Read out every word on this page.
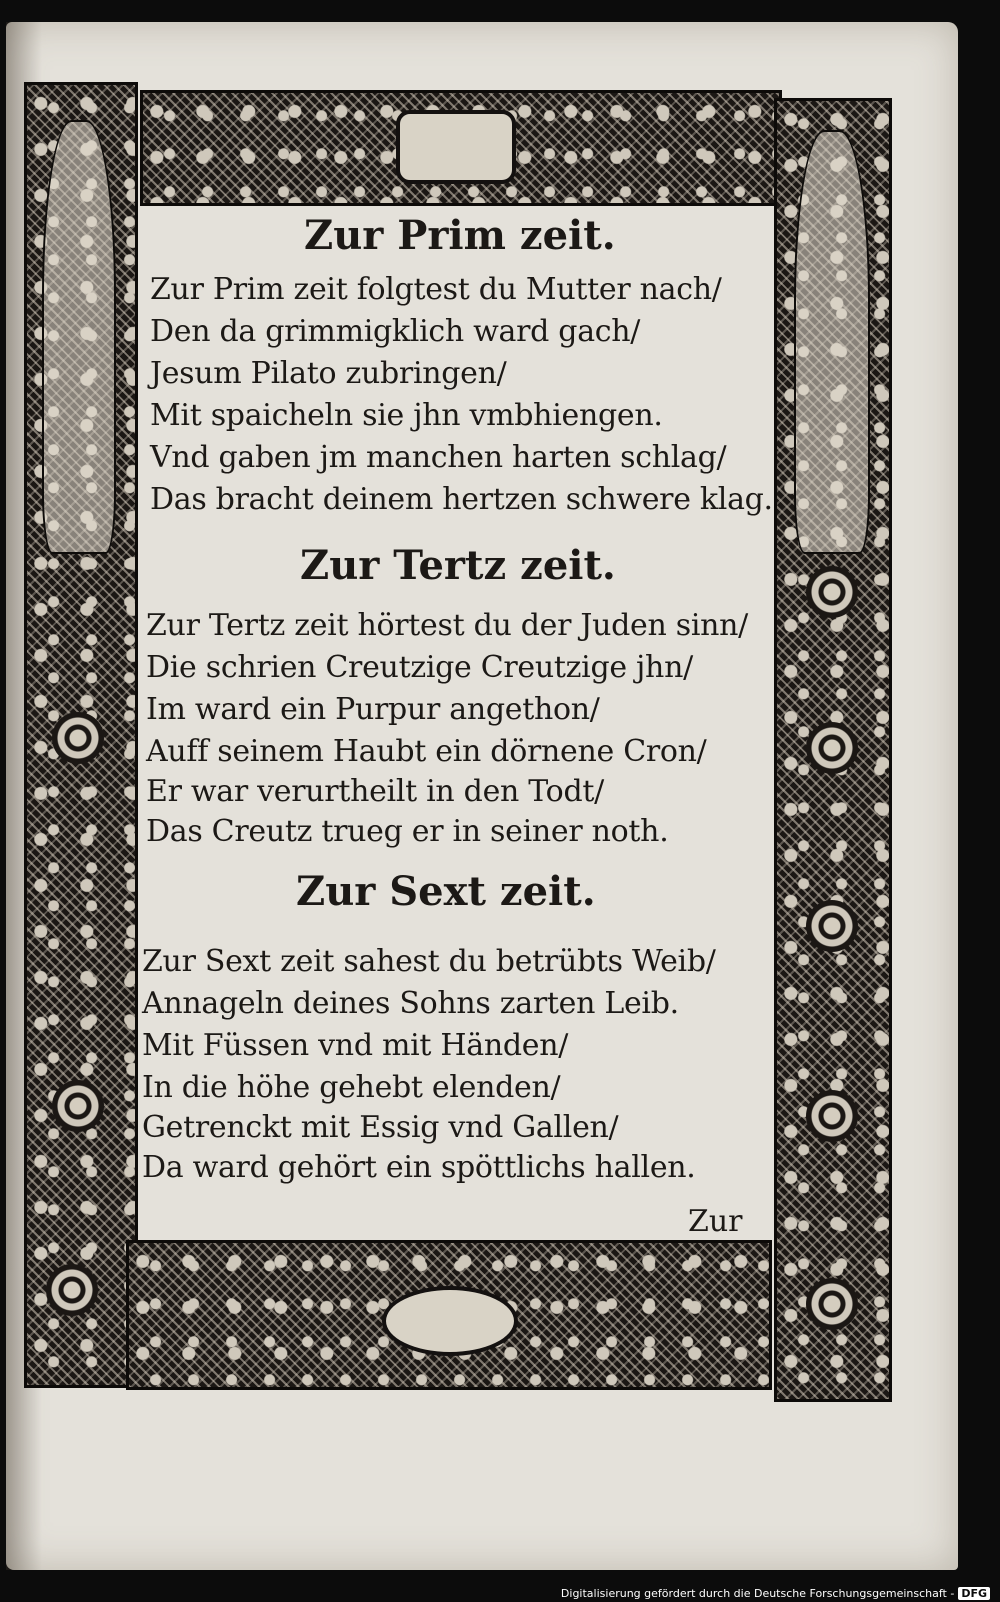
Zur Prim zeit.

Zur Prim zeit folgtest du Mutter nach/

Den da grimmigklich ward gach/

Jesum Pilato zubringen/

Mit spaicheln sie jhn vmbhiengen.

Vnd gaben jm manchen harten schlag/

Das bracht deinem hertzen schwere klag.

Zur Tertz zeit.

Zur Tertz zeit hörtest du der Juden sinn/

Die schrien Creutzige Creutzige jhn/

Im ward ein Purpur angethon/

Auff seinem Haubt ein dörnene Cron/

Er war verurtheilt in den Todt/

Das Creutz trueg er in seiner noth.

Zur Sext zeit.

Zur Sext zeit sahest du betrübts Weib/

Annageln deines Sohns zarten Leib.

Mit Füssen vnd mit Händen/

In die höhe gehebt elenden/

Getrenckt mit Essig vnd Gallen/

Da ward gehört ein spöttlichs hallen.

Zur

Digitalisierung gefördert durch die Deutsche Forschungsgemeinschaft - DFG
